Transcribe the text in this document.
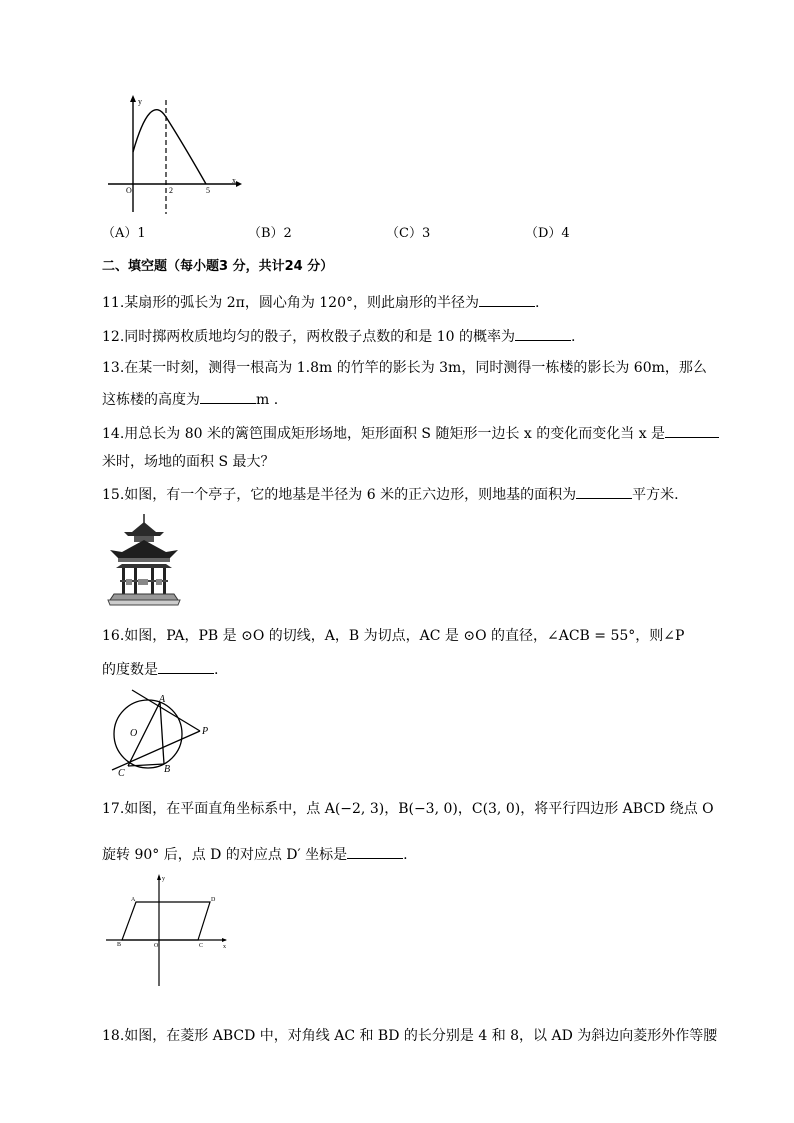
y
O	2	5
x
（A）1	（B）2	（C）3	（D）4
二、填空题（每小题3 分，共计24 分）
11.某扇形的弧长为 2π，圆心角为 120°，则此扇形的半径为	.
12.同时掷两枚质地均匀的骰子，两枚骰子点数的和是 10 的概率为	.
13.在某一时刻，测得一根高为 1.8m 的竹竿的影长为 3m，同时测得一栋楼的影长为 60m，那么
这栋楼的高度为	m .
14.用总长为 80 米的篱笆围成矩形场地，矩形面积 S 随矩形一边长 x 的变化而变化当 x 是
米时，场地的面积 S 最大？
15.如图，有一个亭子，它的地基是半径为 6 米的正六边形，则地基的面积为	平方米.
16.如图，PA，PB 是 ⊙O 的切线，A，B 为切点，AC 是 ⊙O 的直径，∠ACB = 55°，则∠P
的度数是	.
A
O	P
C	B
17.如图，在平面直角坐标系中，点 A(−2, 3)，B(−3, 0)，C(3, 0)，将平行四边形 ABCD 绕点 O
旋转 90° 后，点 D 的对应点 D′ 坐标是	.
y
A	D
B	O	C	x
18.如图，在菱形 ABCD 中，对角线 AC 和 BD 的长分别是 4 和 8，以 AD 为斜边向菱形外作等腰
